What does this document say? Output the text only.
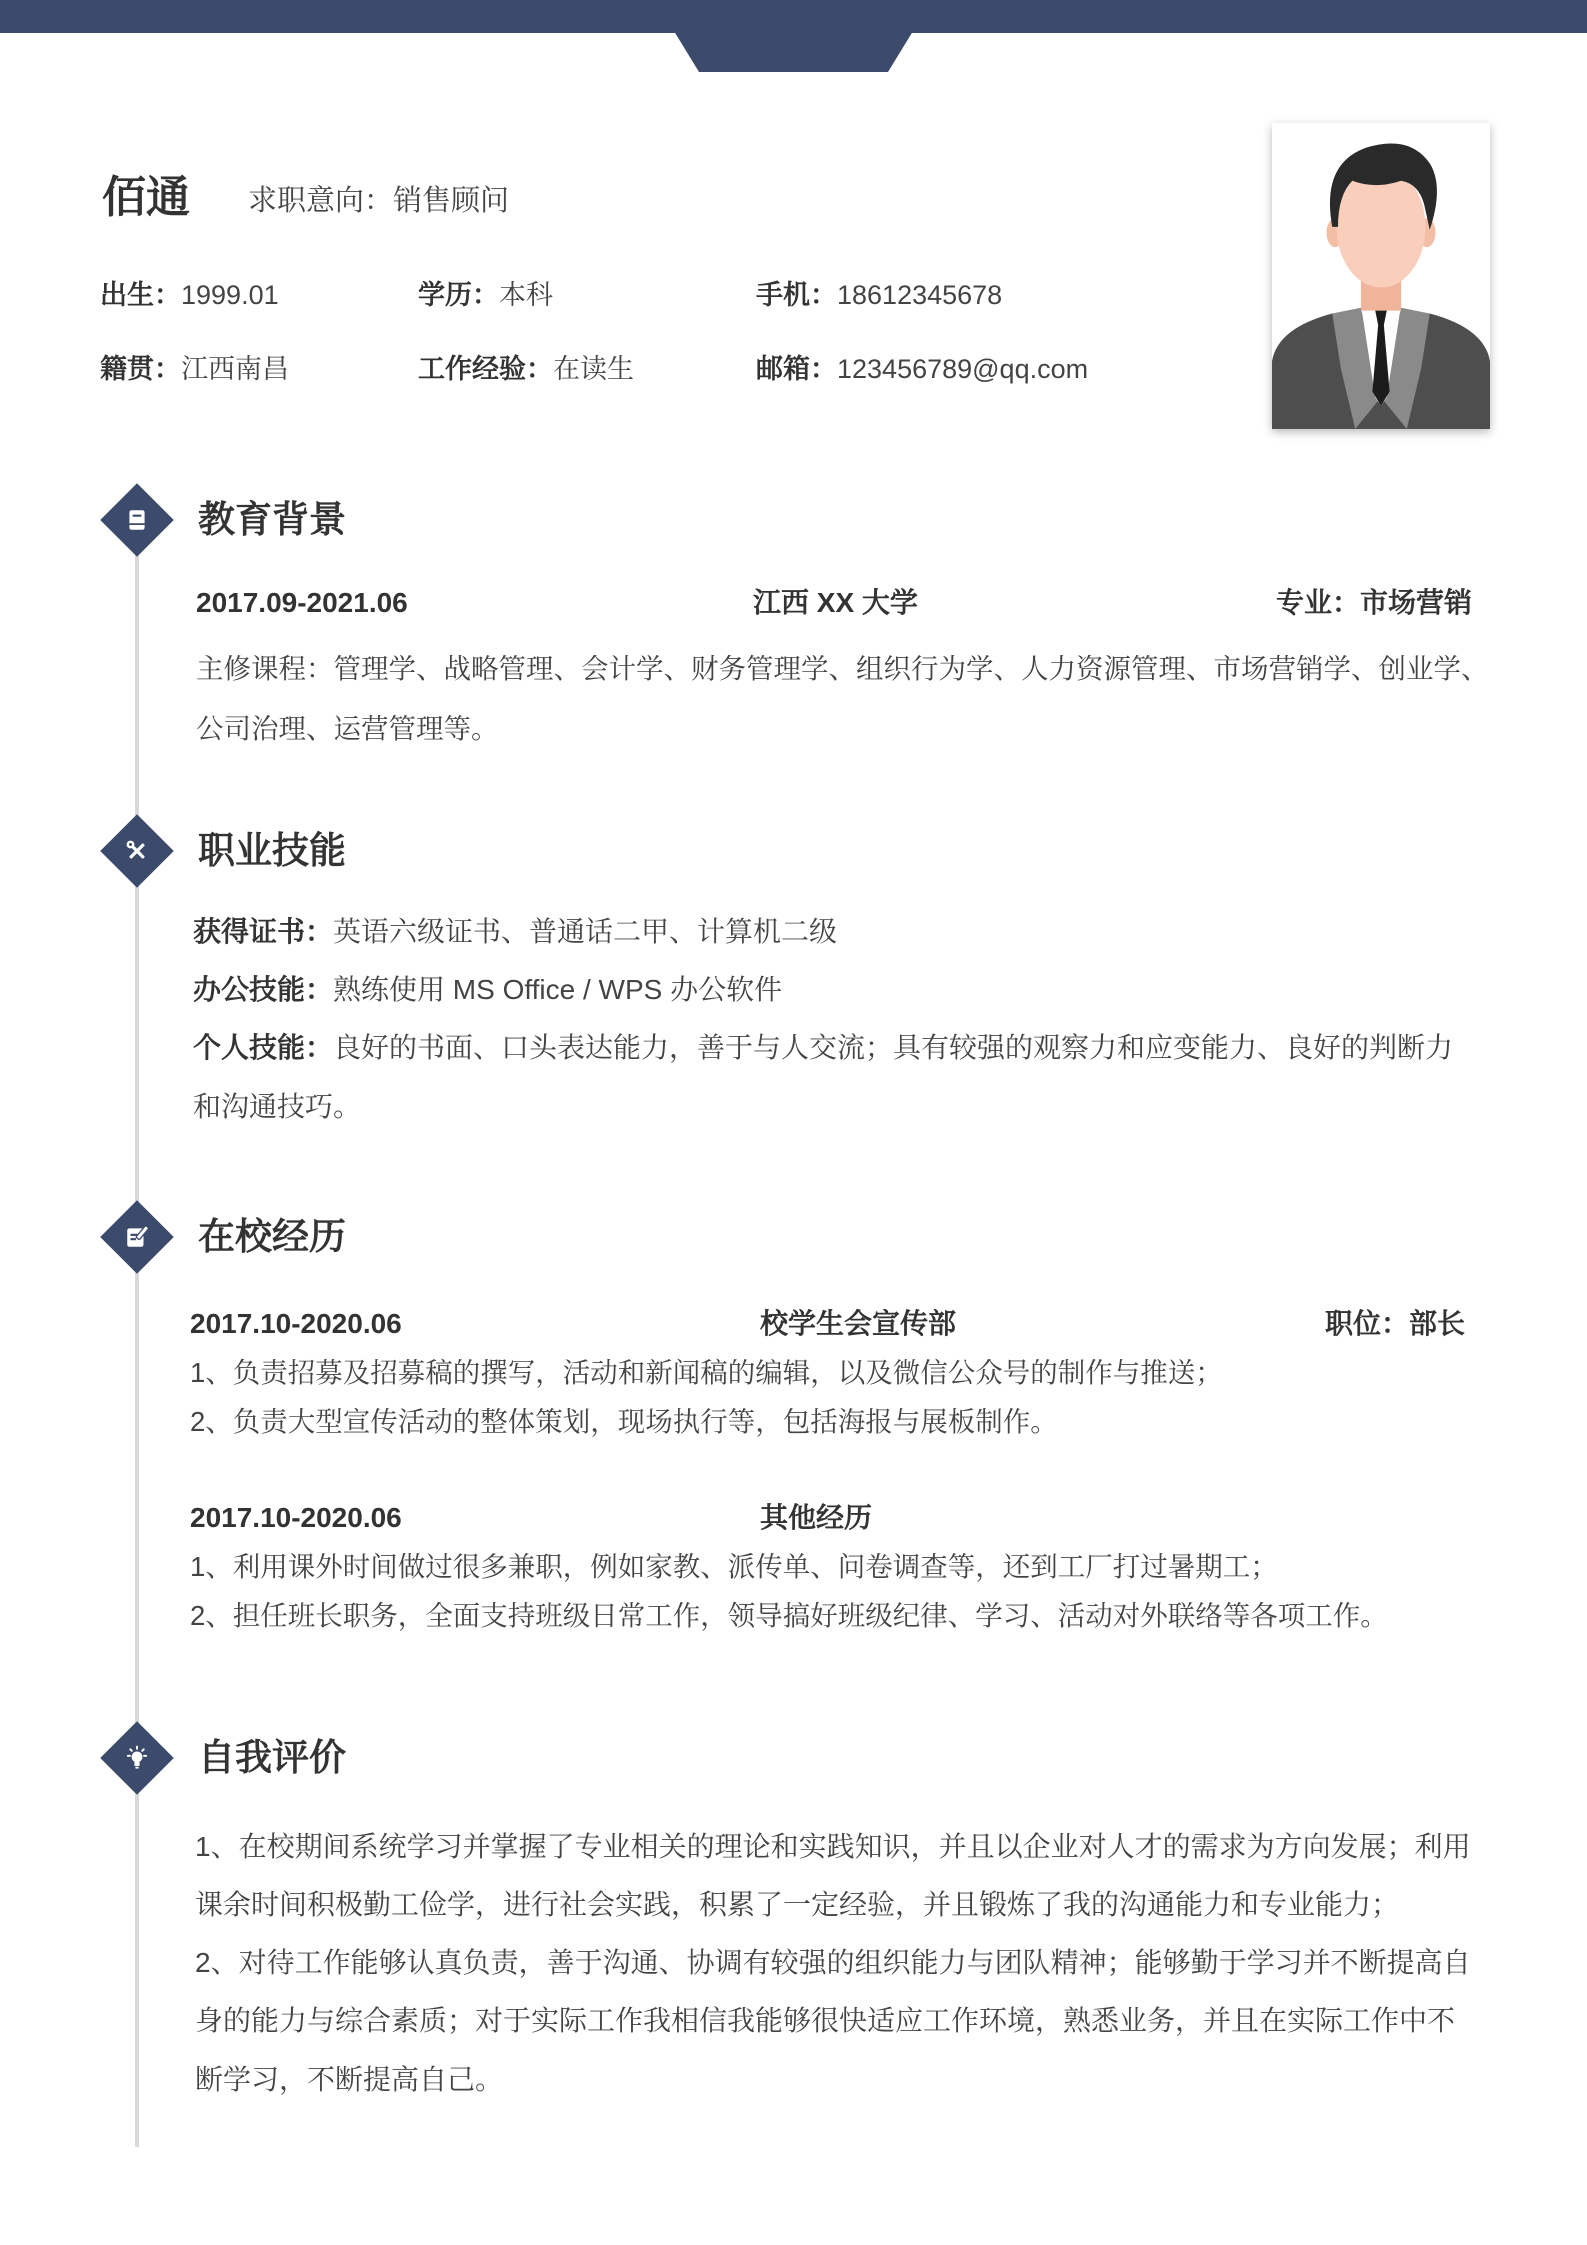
佰通 求职意向：销售顾问
出生：1999.01	学历：本科	手机：18612345678
籍贯：江西南昌	工作经验：在读生	邮箱：123456789@qq.com
教育背景
2017.09-2021.06	江西 XX 大学	专业：市场营销
主修课程：管理学、战略管理、会计学、财务管理学、组织行为学、人力资源管理、市场营销学、创业学、
公司治理、运营管理等。
职业技能
获得证书：英语六级证书、普通话二甲、计算机二级
办公技能：熟练使用 MS Office / WPS 办公软件
个人技能：良好的书面、口头表达能力，善于与人交流；具有较强的观察力和应变能力、良好的判断力
和沟通技巧。
在校经历
2017.10-2020.06	校学生会宣传部	职位：部长
1、负责招募及招募稿的撰写，活动和新闻稿的编辑，以及微信公众号的制作与推送；
2、负责大型宣传活动的整体策划，现场执行等，包括海报与展板制作。
2017.10-2020.06	其他经历
1、利用课外时间做过很多兼职，例如家教、派传单、问卷调查等，还到工厂打过暑期工；
2、担任班长职务，全面支持班级日常工作，领导搞好班级纪律、学习、活动对外联络等各项工作。
自我评价
1、在校期间系统学习并掌握了专业相关的理论和实践知识，并且以企业对人才的需求为方向发展；利用
课余时间积极勤工俭学，进行社会实践，积累了一定经验，并且锻炼了我的沟通能力和专业能力；
2、对待工作能够认真负责，善于沟通、协调有较强的组织能力与团队精神；能够勤于学习并不断提高自
身的能力与综合素质；对于实际工作我相信我能够很快适应工作环境，熟悉业务，并且在实际工作中不
断学习，不断提高自己。
